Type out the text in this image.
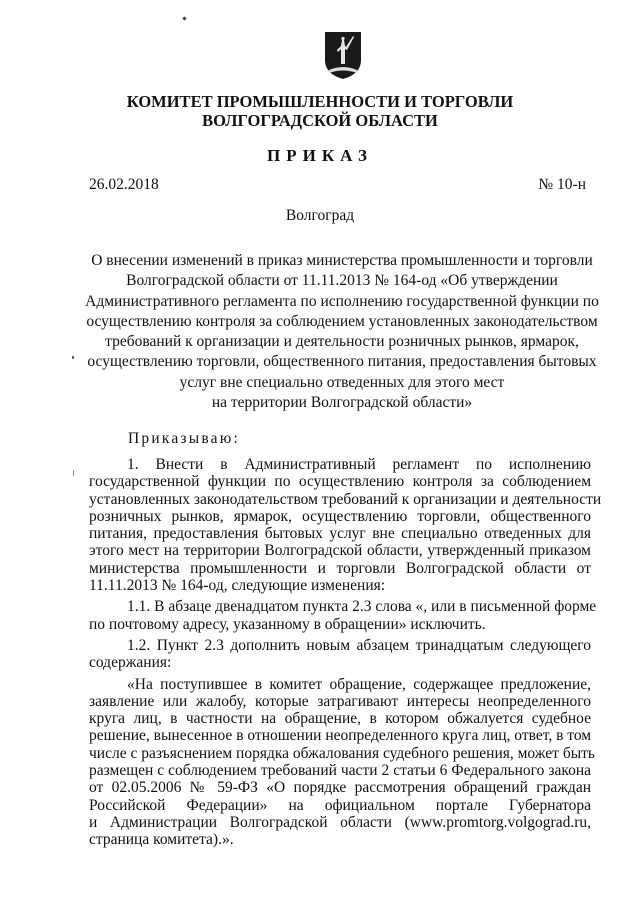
КОМИТЕТ ПРОМЫШЛЕННОСТИ И ТОРГОВЛИ
ВОЛГОГРАДСКОЙ ОБЛАСТИ
ПРИКАЗ
26.02.2018	№ 10-н
Волгоград
О внесении изменений в приказ министерства промышленности и торговли
Волгоградской области от 11.11.2013 № 164-од «Об утверждении
Административного регламента по исполнению государственной функции по
осуществлению контроля за соблюдением установленных законодательством
требований к организации и деятельности розничных рынков, ярмарок,
осуществлению торговли, общественного питания, предоставления бытовых
услуг вне специально отведенных для этого мест
на территории Волгоградской области»
Приказываю:
1. Внести в Административный регламент по исполнению
государственной функции по осуществлению контроля за соблюдением
установленных законодательством требований к организации и деятельности
розничных рынков, ярмарок, осуществлению торговли, общественного
питания, предоставления бытовых услуг вне специально отведенных для
этого мест на территории Волгоградской области, утвержденный приказом
министерства промышленности и торговли Волгоградской области от
11.11.2013 № 164-од, следующие изменения:
1.1. В абзаце двенадцатом пункта 2.3 слова «, или в письменной форме
по почтовому адресу, указанному в обращении» исключить.
1.2. Пункт 2.3 дополнить новым абзацем тринадцатым следующего
содержания:
«На поступившее в комитет обращение, содержащее предложение,
заявление или жалобу, которые затрагивают интересы неопределенного
круга лиц, в частности на обращение, в котором обжалуется судебное
решение, вынесенное в отношении неопределенного круга лиц, ответ, в том
числе с разъяснением порядка обжалования судебного решения, может быть
размещен с соблюдением требований части 2 статьи 6 Федерального закона
от 02.05.2006 № 59-ФЗ «О порядке рассмотрения обращений граждан
Российской Федерации» на официальном портале Губернатора
и Администрации Волгоградской области (www.promtorg.volgograd.ru,
страница комитета).».
